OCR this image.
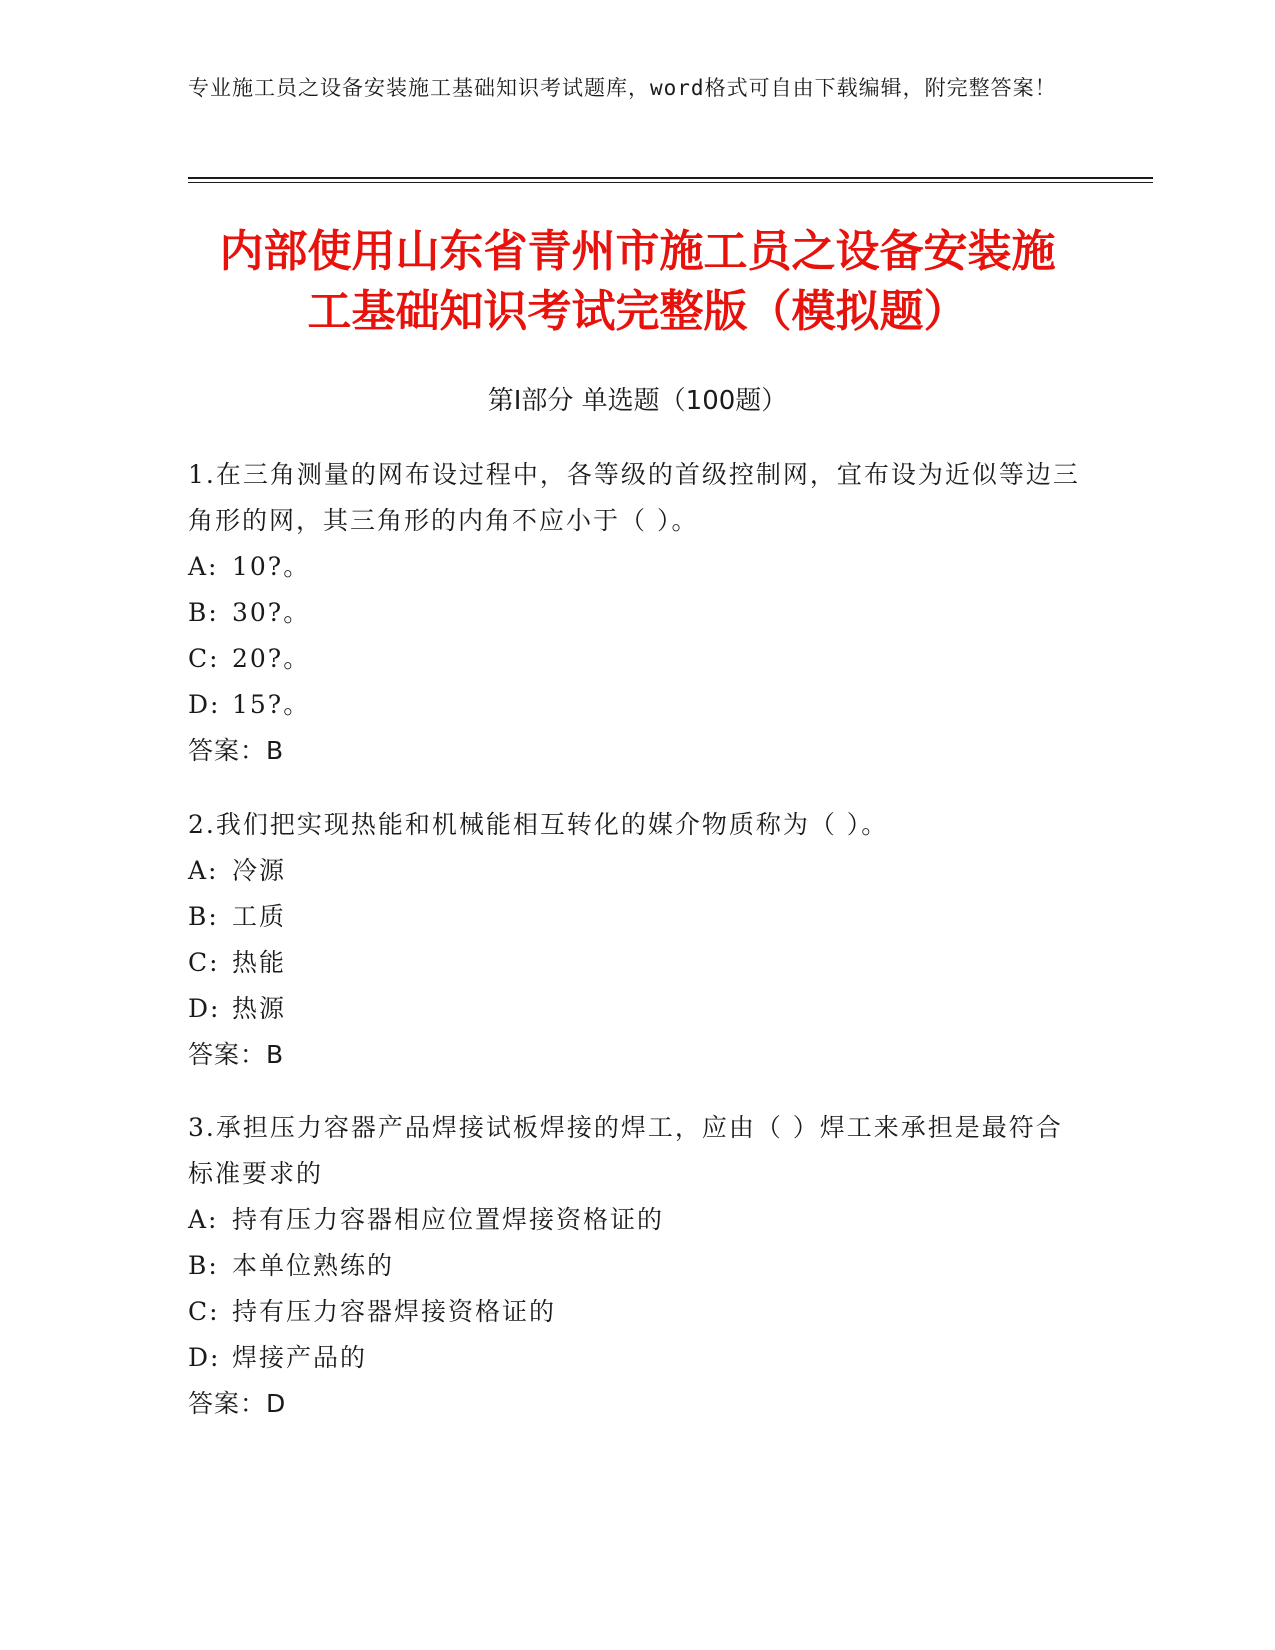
专业施工员之设备安装施工基础知识考试题库，word格式可自由下载编辑，附完整答案！
内部使用山东省青州市施工员之设备安装施
工基础知识考试完整版（模拟题）
第Ⅰ部分 单选题（100题）

1.在三角测量的网布设过程中，各等级的首级控制网，宜布设为近似等边三角形的网，其三角形的内角不应小于（ ）。

A: 10?。

B: 30?。

C: 20?。

D: 15?。

答案：B

2.我们把实现热能和机械能相互转化的媒介物质称为（ ）。

A: 冷源

B: 工质

C: 热能

D: 热源

答案：B

3.承担压力容器产品焊接试板焊接的焊工，应由（ ）焊工来承担是最符合标准要求的

A: 持有压力容器相应位置焊接资格证的

B: 本单位熟练的

C: 持有压力容器焊接资格证的

D: 焊接产品的

答案：D
